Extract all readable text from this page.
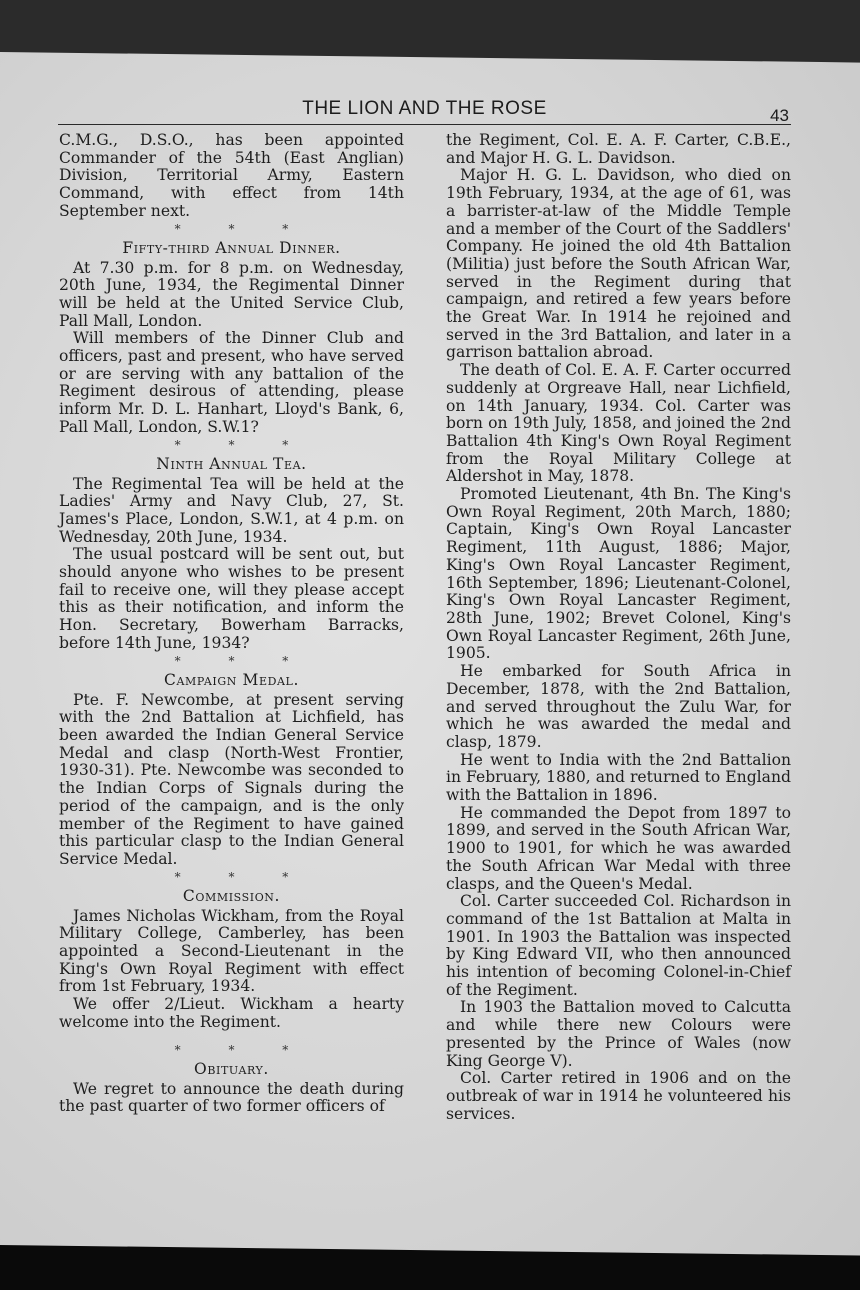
THE LION AND THE ROSE	43

C.M.G., D.S.O., has been appointed Commander of the 54th (East Anglian) Division, Territorial Army, Eastern Command, with effect from 14th September next.

* * *
Fifty-third Annual Dinner.

At 7.30 p.m. for 8 p.m. on Wednesday, 20th June, 1934, the Regimental Dinner will be held at the United Service Club, Pall Mall, London.

Will members of the Dinner Club and officers, past and present, who have served or are serving with any battalion of the Regiment desirous of attending, please inform Mr. D. L. Hanhart, Lloyd's Bank, 6, Pall Mall, London, S.W.1?

* * *
Ninth Annual Tea.

The Regimental Tea will be held at the Ladies' Army and Navy Club, 27, St. James's Place, London, S.W.1, at 4 p.m. on Wednesday, 20th June, 1934.

The usual postcard will be sent out, but should anyone who wishes to be present fail to receive one, will they please accept this as their notification, and inform the Hon. Secretary, Bowerham Barracks, before 14th June, 1934?

* * *
Campaign Medal.

Pte. F. Newcombe, at present serving with the 2nd Battalion at Lichfield, has been awarded the Indian General Service Medal and clasp (North-West Frontier, 1930-31). Pte. Newcombe was seconded to the Indian Corps of Signals during the period of the campaign, and is the only member of the Regiment to have gained this particular clasp to the Indian General Service Medal.

* * *
Commission.

James Nicholas Wickham, from the Royal Military College, Camberley, has been appointed a Second-Lieutenant in the King's Own Royal Regiment with effect from 1st February, 1934.

We offer 2/Lieut. Wickham a hearty welcome into the Regiment.

* * *
Obituary.

We regret to announce the death during the past quarter of two former officers of

the Regiment, Col. E. A. F. Carter, C.B.E., and Major H. G. L. Davidson.

Major H. G. L. Davidson, who died on 19th February, 1934, at the age of 61, was a barrister-at-law of the Middle Temple and a member of the Court of the Saddlers' Company. He joined the old 4th Battalion (Militia) just before the South African War, served in the Regiment during that campaign, and retired a few years before the Great War. In 1914 he rejoined and served in the 3rd Battalion, and later in a garrison battalion abroad.

The death of Col. E. A. F. Carter occurred suddenly at Orgreave Hall, near Lichfield, on 14th January, 1934. Col. Carter was born on 19th July, 1858, and joined the 2nd Battalion 4th King's Own Royal Regiment from the Royal Military College at Aldershot in May, 1878.

Promoted Lieutenant, 4th Bn. The King's Own Royal Regiment, 20th March, 1880; Captain, King's Own Royal Lancaster Regiment, 11th August, 1886; Major, King's Own Royal Lancaster Regiment, 16th September, 1896; Lieutenant-Colonel, King's Own Royal Lancaster Regiment, 28th June, 1902; Brevet Colonel, King's Own Royal Lancaster Regiment, 26th June, 1905.

He embarked for South Africa in December, 1878, with the 2nd Battalion, and served throughout the Zulu War, for which he was awarded the medal and clasp, 1879.

He went to India with the 2nd Battalion in February, 1880, and returned to England with the Battalion in 1896.

He commanded the Depot from 1897 to 1899, and served in the South African War, 1900 to 1901, for which he was awarded the South African War Medal with three clasps, and the Queen's Medal.

Col. Carter succeeded Col. Richardson in command of the 1st Battalion at Malta in 1901. In 1903 the Battalion was inspected by King Edward VII, who then announced his intention of becoming Colonel-in-Chief of the Regiment.

In 1903 the Battalion moved to Calcutta and while there new Colours were presented by the Prince of Wales (now King George V).

Col. Carter retired in 1906 and on the outbreak of war in 1914 he volunteered his services.
